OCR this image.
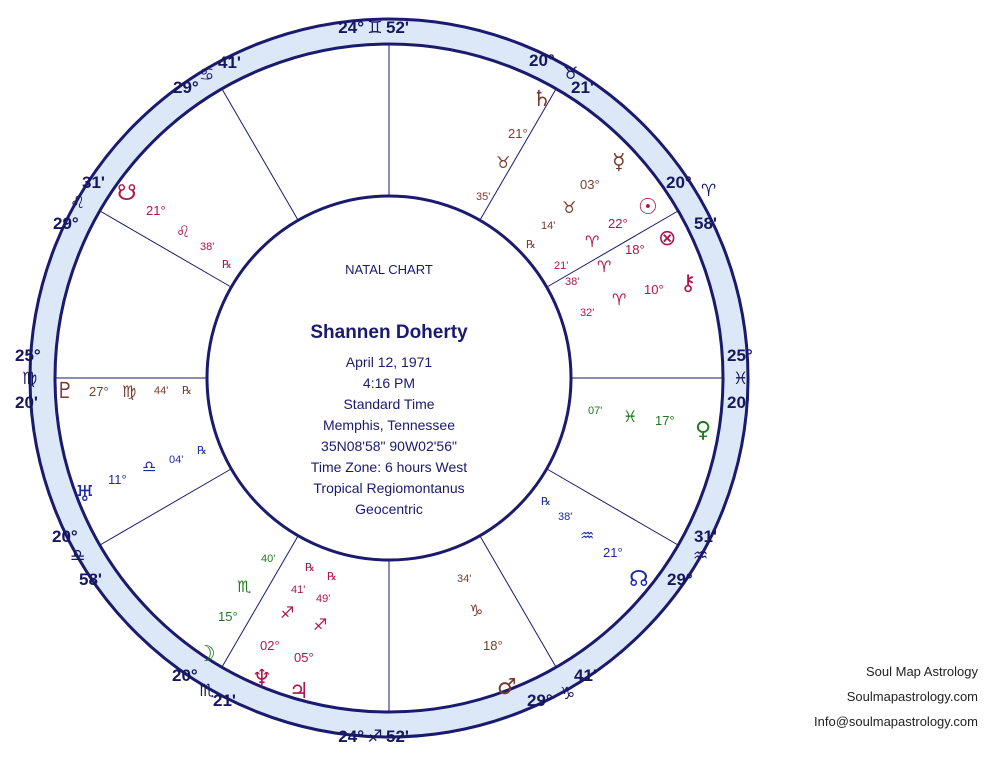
NATAL CHART
Shannen Doherty
April 12, 1971
4:16 PM
Standard Time
Memphis, Tennessee
35N08'58" 90W02'56"
Time Zone: 6 hours West
Tropical Regiomontanus
Geocentric
24° ♊ 52'
20°
♉
21'
20° ♈
58'
25°
♓
20'
31'
♒
29°
41'
♑
29°
24° ♐ 52'
20°
♏
21'
20°
♎
58'
25°
♍
20'
31'
♌
29°
29°
♋
41'
♄
21°
♉
35'
☿
03°
♉
14'
℞
☉
22°
♈
21'
⊗
18°
♈
38'	⚷
10°
♈
32'
♀
17°
♓
07'
☊
21°
♒
38'
℞
♂
18°
♑
34'
♃
05°
♐
49'
℞
♆
02°
♐
41'
℞
☽
15°
♏
40'
♅
11°
♎ 04'
℞
♇ 27° ♍ 44' ℞
☋
21°
♌
38'
℞
Soul Map Astrology
Soulmapastrology.com
Info@soulmapastrology.com
